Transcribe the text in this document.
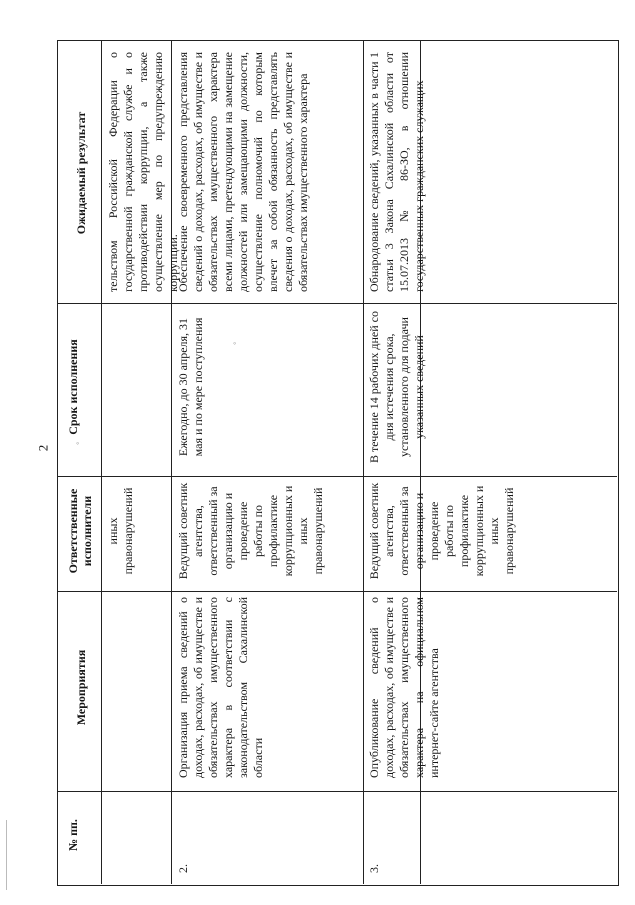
2	◦
◦
№ пп.
Мероприятия
Ответственные исполнители
Срок исполнения
Ожидаемый результат
иных правонарушений
тельством Российской Федерации о государственной гражданской службе и о противодействии коррупции, а также осуществление мер по предупреждению коррупции.
2.
Организация приема сведений о доходах, расходах, об имуществе и обязательствах имущественного характера в соответствии с законодательством Сахалинской области
Ведущий советник агентства, ответственный за организацию и проведение работы по профилактике коррупционных и иных правонарушений
Ежегодно, до 30 апреля, 31 мая и по мере поступления
Обеспечение своевременного представления сведений о доходах, расходах, об имуществе и обязательствах имущественного характера всеми лицами, претендующими на замещение должностей или замещающими должности, осуществление полномочий по которым влечет за собой обязанность представлять сведения о доходах, расходах, об имуществе и обязательствах имущественного характера
3.
Опубликование сведений о доходах, расходах, об имуществе и обязательствах имущественного характера на официальном интернет-сайте агентства
Ведущий советник агентства, ответственный за организацию и проведение работы по профилактике коррупционных и иных правонарушений
В течение 14 рабочих дней со дня истечения срока, установленного для подачи указанных сведений
Обнародование сведений, указанных в части 1 статьи 3 Закона Сахалинской области от 15.07.2013 № 86-ЗО, в отношении государственных гражданских служащих
